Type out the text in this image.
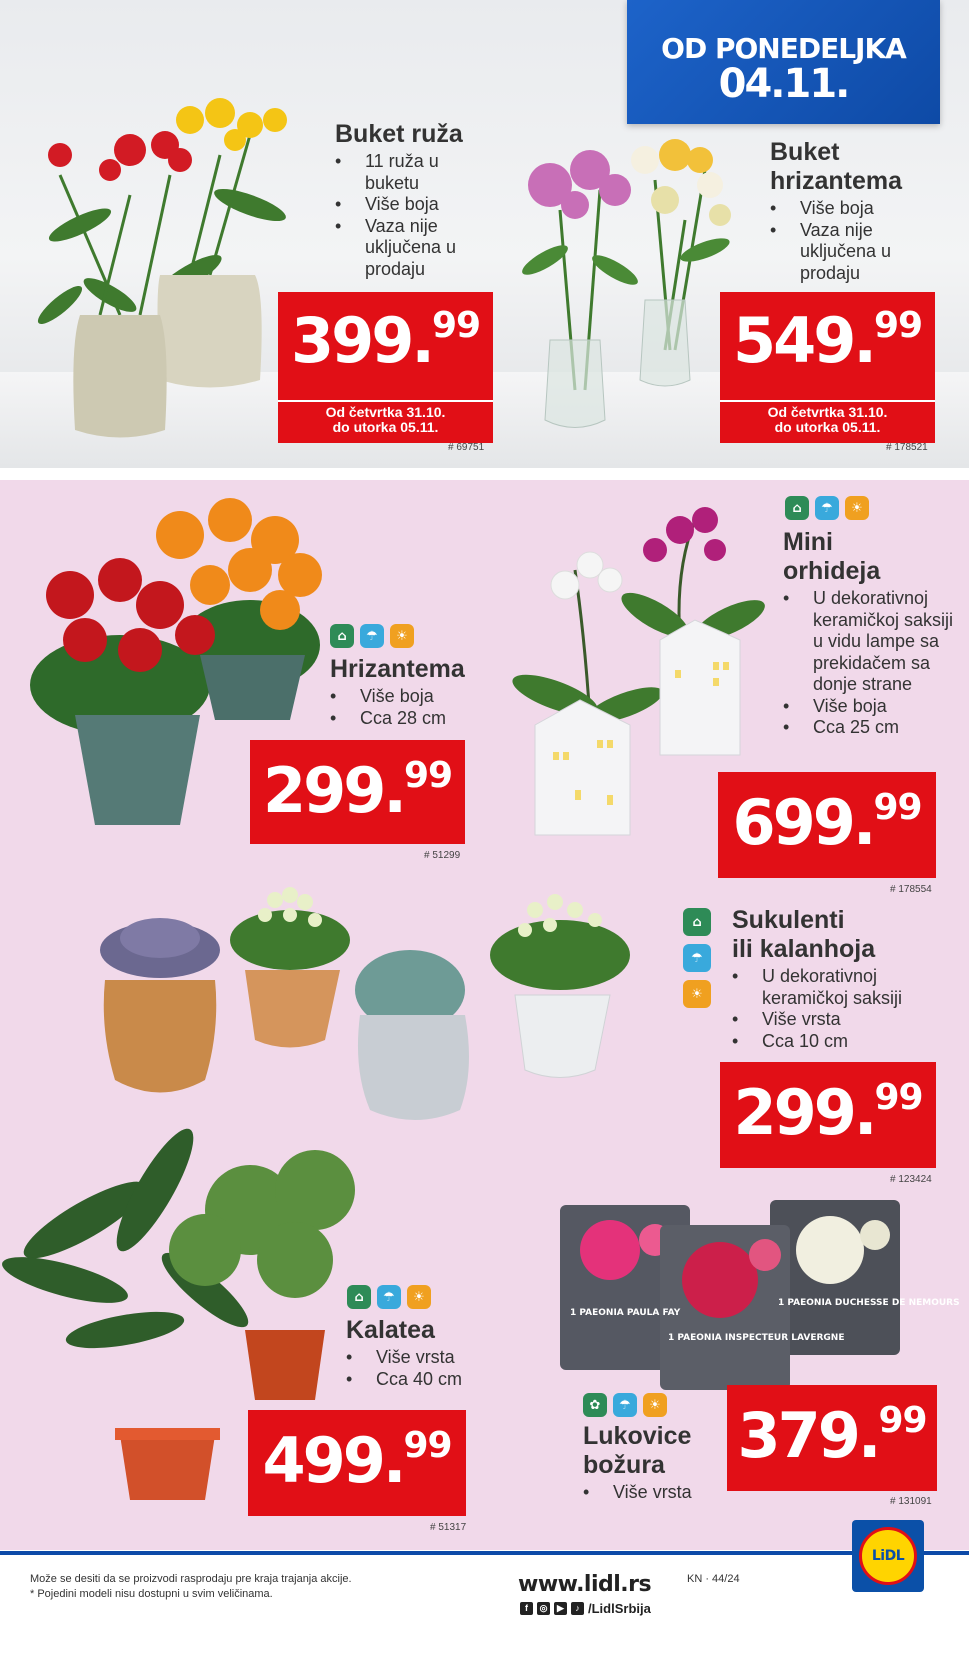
OD PONEDELJKA
04.11.
Buket ruža
• 11 ruža u buketu
• Više boja
• Vaza nije uključena u prodaju
399.99
Od četvrtka 31.10.
do utorka 05.11.
# 69751
Buket
hrizantema
• Više boja
• Vaza nije uključena u prodaju
549.99
Od četvrtka 31.10.
do utorka 05.11.
# 178521
⌂	☂	☀
Hrizantema
• Više boja
• Cca 28 cm
299.99
# 51299
⌂	☂	☀
Mini
orhideja
• U dekorativnoj keramičkoj saksiji u vidu lampe sa prekidačem sa donje strane
• Više boja
• Cca 25 cm
699.99
# 178554
⌂
☂
☀
Sukulenti
ili kalanhoja
• U dekorativnoj keramičkoj saksiji
• Više vrsta
• Cca 10 cm
299.99
# 123424
⌂	☂	☀
Kalatea
• Više vrsta
• Cca 40 cm
499.99
# 51317
1 PAEONIA PAULA FAY
1 PAEONIA INSPECTEUR LAVERGNE
1 PAEONIA DUCHESSE DE NEMOURS
✿	☂	☀
Lukovice
božura
• Više vrsta
379.99
# 131091
Može se desiti da se proizvodi rasprodaju pre kraja trajanja akcije.
* Pojedini modeli nisu dostupni u svim veličinama.	www.lidl.rs
f	◎	▶	♪ /LidlSrbija
KN · 44/24
LiDL
